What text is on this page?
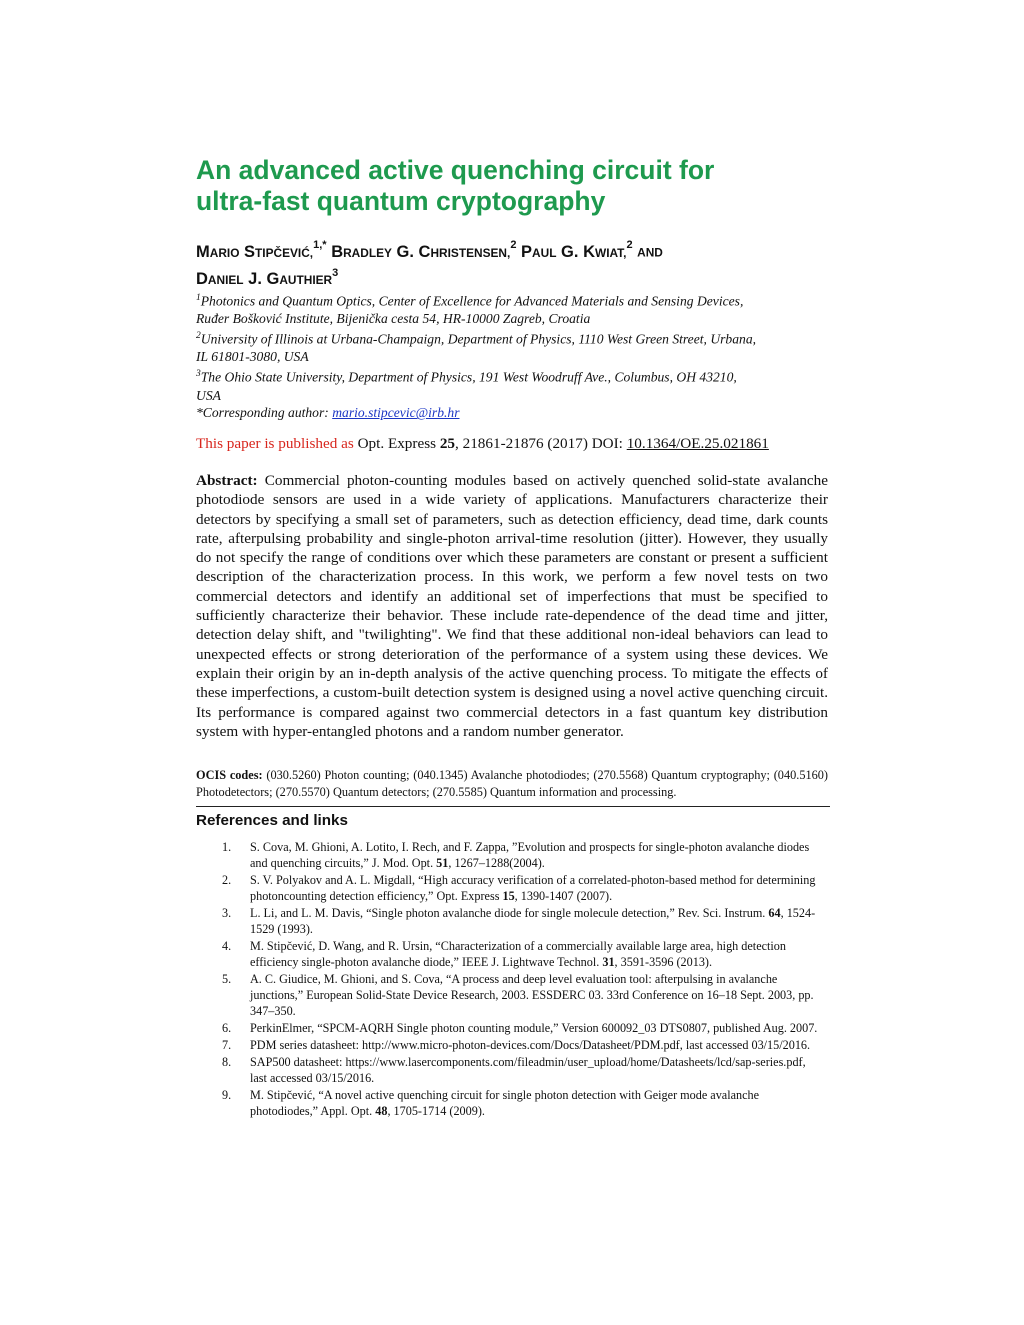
An advanced active quenching circuit for
ultra-fast quantum cryptography
MARIO STIPČEVIĆ,$^{1,*}$ BRADLEY G. CHRISTENSEN,$^2$ PAUL G. KWIAT,$^2$ AND
DANIEL J. GAUTHIER$^3$
$^1$Photonics and Quantum Optics, Center of Excellence for Advanced Materials and Sensing Devices,
Ruđer Bošković Institute, Bijenička cesta 54, HR-10000 Zagreb, Croatia
$^2$University of Illinois at Urbana-Champaign, Department of Physics, 1110 West Green Street, Urbana,
IL 61801-3080, USA
$^3$The Ohio State University, Department of Physics, 191 West Woodruff Ave., Columbus, OH 43210,
USA
*Corresponding author: mario.stipcevic@irb.hr
This paper is published as Opt. Express 25, 21861-21876 (2017) DOI: 10.1364/OE.25.021861
Abstract: Commercial photon-counting modules based on actively quenched solid-state avalanche photodiode sensors are used in a wide variety of applications. Manufacturers characterize their detectors by specifying a small set of parameters, such as detection efficiency, dead time, dark counts rate, afterpulsing probability and single-photon arrival-time resolution (jitter). However, they usually do not specify the range of conditions over which these parameters are constant or present a sufficient description of the characterization process. In this work, we perform a few novel tests on two commercial detectors and identify an additional set of imperfections that must be specified to sufficiently characterize their behavior. These include rate-dependence of the dead time and jitter, detection delay shift, and "twilighting". We find that these additional non-ideal behaviors can lead to unexpected effects or strong deterioration of the performance of a system using these devices. We explain their origin by an in-depth analysis of the active quenching process. To mitigate the effects of these imperfections, a custom-built detection system is designed using a novel active quenching circuit. Its performance is compared against two commercial detectors in a fast quantum key distribution system with hyper-entangled photons and a random number generator.
OCIS codes: (030.5260) Photon counting; (040.1345) Avalanche photodiodes; (270.5568) Quantum cryptography; (040.5160) Photodetectors; (270.5570) Quantum detectors; (270.5585) Quantum information and processing.
References and links
1. S. Cova, M. Ghioni, A. Lotito, I. Rech, and F. Zappa, ”Evolution and prospects for single-photon avalanche diodes and quenching circuits,” J. Mod. Opt. 51, 1267–1288(2004).
2. S. V. Polyakov and A. L. Migdall, “High accuracy verification of a correlated-photon-based method for determining photoncounting detection efficiency,” Opt. Express 15, 1390-1407 (2007).
3. L. Li, and L. M. Davis, “Single photon avalanche diode for single molecule detection,” Rev. Sci. Instrum. 64, 1524-1529 (1993).
4. M. Stipčević, D. Wang, and R. Ursin, “Characterization of a commercially available large area, high detection efficiency single-photon avalanche diode,” IEEE J. Lightwave Technol. 31, 3591-3596 (2013).
5. A. C. Giudice, M. Ghioni, and S. Cova, “A process and deep level evaluation tool: afterpulsing in avalanche junctions,” European Solid-State Device Research, 2003. ESSDERC 03. 33rd Conference on 16–18 Sept. 2003, pp. 347–350.
6. PerkinElmer, “SPCM-AQRH Single photon counting module,” Version 600092_03 DTS0807, published Aug. 2007.
7. PDM series datasheet: http://www.micro-photon-devices.com/Docs/Datasheet/PDM.pdf, last accessed 03/15/2016.
8. SAP500 datasheet: https://www.lasercomponents.com/fileadmin/user_upload/home/Datasheets/lcd/sap-series.pdf, last accessed 03/15/2016.
9. M. Stipčević, “A novel active quenching circuit for single photon detection with Geiger mode avalanche photodiodes,” Appl. Opt. 48, 1705-1714 (2009).
